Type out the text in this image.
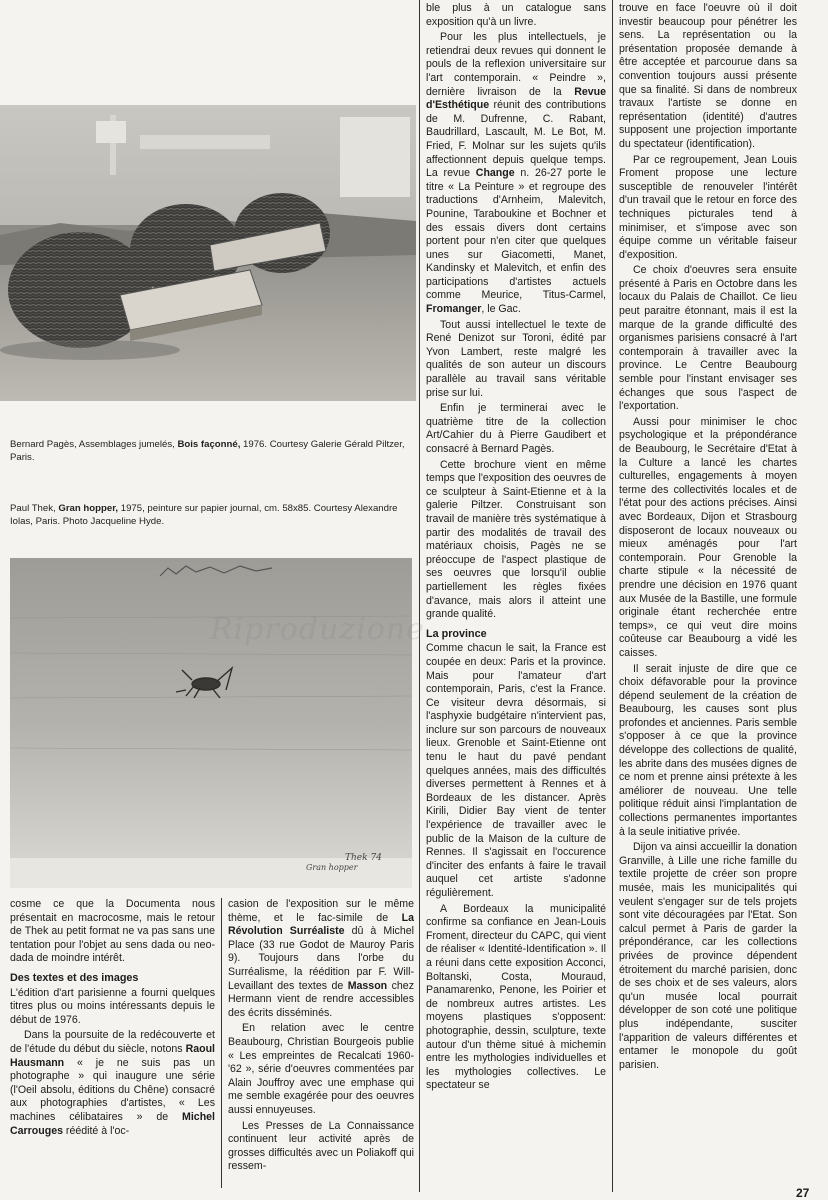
Bernard Pagès, Assemblages jumelés, Bois façonné, 1976. Courtesy Galerie Gérald Piltzer, Paris.
Paul Thek, Gran hopper, 1975, peinture sur papier journal, cm. 58x85. Courtesy Alexandre Iolas, Paris. Photo Jacqueline Hyde.
Thek 74
Gran hopper

cosme ce que la Documenta nous présentait en macrocosme, mais le retour de Thek au petit format ne va pas sans une tentation pour l'objet au sens dada ou neo-dada de moindre intérêt.

Des textes et des images

L'édition d'art parisienne a fourni quelques titres plus ou moins intéressants depuis le début de 1976.

Dans la poursuite de la redécouverte et de l'étude du début du siècle, notons Raoul Hausmann « je ne suis pas un photographe » qui inaugure une série (l'Oeil absolu, éditions du Chêne) consacré aux photographies d'artistes, « Les machines célibataires » de Michel Carrouges réédité à l'oc-

casion de l'exposition sur le même thème, et le fac-simile de La Révolution Surréaliste dû à Michel Place (33 rue Godot de Mauroy Paris 9). Toujours dans l'orbe du Surréalisme, la réédition par F. Will-Levaillant des textes de Masson chez Hermann vient de rendre accessibles des écrits disséminés.

En relation avec le centre Beaubourg, Christian Bourgeois publie « Les empreintes de Recalcati 1960-'62 », série d'oeuvres commentées par Alain Jouffroy avec une emphase qui me semble exagérée pour des oeuvres aussi ennuyeuses.

Les Presses de La Connaissance continuent leur activité après de grosses difficultés avec un Poliakoff qui ressem-

ble plus à un catalogue sans exposition qu'à un livre.

Pour les plus intellectuels, je retiendrai deux revues qui donnent le pouls de la reflexion universitaire sur l'art contemporain. « Peindre », dernière livraison de la Revue d'Esthétique réunit des contributions de M. Dufrenne, C. Rabant, Baudrillard, Lascault, M. Le Bot, M. Fried, F. Molnar sur les sujets qu'ils affectionnent depuis quelque temps. La revue Change n. 26-27 porte le titre « La Peinture » et regroupe des traductions d'Arnheim, Malevitch, Pounine, Taraboukine et Bochner et des essais divers dont certains portent pour n'en citer que quelques unes sur Giacometti, Manet, Kandinsky et Malevitch, et enfin des participations d'artistes actuels comme Meurice, Titus-Carmel, Fromanger, le Gac.

Tout aussi intellectuel le texte de René Denizot sur Toroni, édité par Yvon Lambert, reste malgré les qualités de son auteur un discours parallèle au travail sans véritable prise sur lui.

Enfin je terminerai avec le quatrième titre de la collection Art/Cahier du à Pierre Gaudibert et consacré à Bernard Pagès.

Cette brochure vient en même temps que l'exposition des oeuvres de ce sculpteur à Saint-Etienne et à la galerie Piltzer. Construisant son travail de manière très systématique à partir des modalités de travail des matériaux choisis, Pagès ne se préoccupe de l'aspect plastique de ses oeuvres que lorsqu'il oublie partiellement les règles fixées d'avance, mais alors il atteint une grande qualité.

La province

Comme chacun le sait, la France est coupée en deux: Paris et la province. Mais pour l'amateur d'art contemporain, Paris, c'est la France. Ce visiteur devra désormais, si l'asphyxie budgétaire n'intervient pas, inclure sur son parcours de nouveaux lieux. Grenoble et Saint-Etienne ont tenu le haut du pavé pendant quelques années, mais des difficultés diverses permettent à Rennes et à Bordeaux de les distancer. Après Kirili, Didier Bay vient de tenter l'expérience de travailler avec le public de la Maison de la culture de Rennes. Il s'agissait en l'occurence d'inciter des enfants à faire le travail auquel cet artiste s'adonne régulièrement.

A Bordeaux la municipalité confirme sa confiance en Jean-Louis Froment, directeur du CAPC, qui vient de réaliser « Identité-Identification ». Il a réuni dans cette exposition Acconci, Boltanski, Costa, Mouraud, Panamarenko, Penone, les Poirier et de nombreux autres artistes. Les moyens plastiques s'opposent: photographie, dessin, sculpture, texte autour d'un thème situé à michemin entre les mythologies individuelles et les mythologies collectives. Le spectateur se

trouve en face l'oeuvre où il doit investir beaucoup pour pénétrer les sens. La représentation ou la présentation proposée demande à être acceptée et parcourue dans sa convention toujours aussi présente que sa finalité. Si dans de nombreux travaux l'artiste se donne en représentation (identité) d'autres supposent une projection importante du spectateur (identification).

Par ce regroupement, Jean Louis Froment propose une lecture susceptible de renouveler l'intérêt d'un travail que le retour en force des techniques picturales tend à minimiser, et s'impose avec son équipe comme un véritable faiseur d'exposition.

Ce choix d'oeuvres sera ensuite présenté à Paris en Octobre dans les locaux du Palais de Chaillot. Ce lieu peut paraitre étonnant, mais il est la marque de la grande difficulté des organismes parisiens consacré à l'art contemporain à travailler avec la province. Le Centre Beaubourg semble pour l'instant envisager ses échanges que sous l'aspect de l'exportation.

Aussi pour minimiser le choc psychologique et la prépondérance de Beaubourg, le Secrétaire d'Etat à la Culture a lancé les chartes culturelles, engagements à moyen terme des collectivités locales et de l'état pour des actions précises. Ainsi avec Bordeaux, Dijon et Strasbourg disposeront de locaux nouveaux ou mieux aménagés pour l'art contemporain. Pour Grenoble la charte stipule « la nécessité de prendre une décision en 1976 quant aux Musée de la Bastille, une formule originale étant recherchée entre temps», ce qui veut dire moins coûteuse car Beaubourg a vidé les caisses.

Il serait injuste de dire que ce choix défavorable pour la province dépend seulement de la création de Beaubourg, les causes sont plus profondes et anciennes. Paris semble s'opposer à ce que la province développe des collections de qualité, les abrite dans des musées dignes de ce nom et prenne ainsi prétexte à les améliorer de nouveau. Une telle politique réduit ainsi l'implantation de collections permanentes importantes à la seule initiative privée.

Dijon va ainsi accueillir la donation Granville, à Lille une riche famille du textile projette de créer son propre musée, mais les municipalités qui veulent s'engager sur de tels projets sont vite découragées par l'Etat. Son calcul permet à Paris de garder la prépondérance, car les collections privées de province dépendent étroitement du marché parisien, donc de ses choix et de ses valeurs, alors qu'un musée local pourrait développer de son coté une politique plus indépendante, susciter l'apparition de valeurs différentes et entamer le monopole du goût parisien.

Riproduzione
27
